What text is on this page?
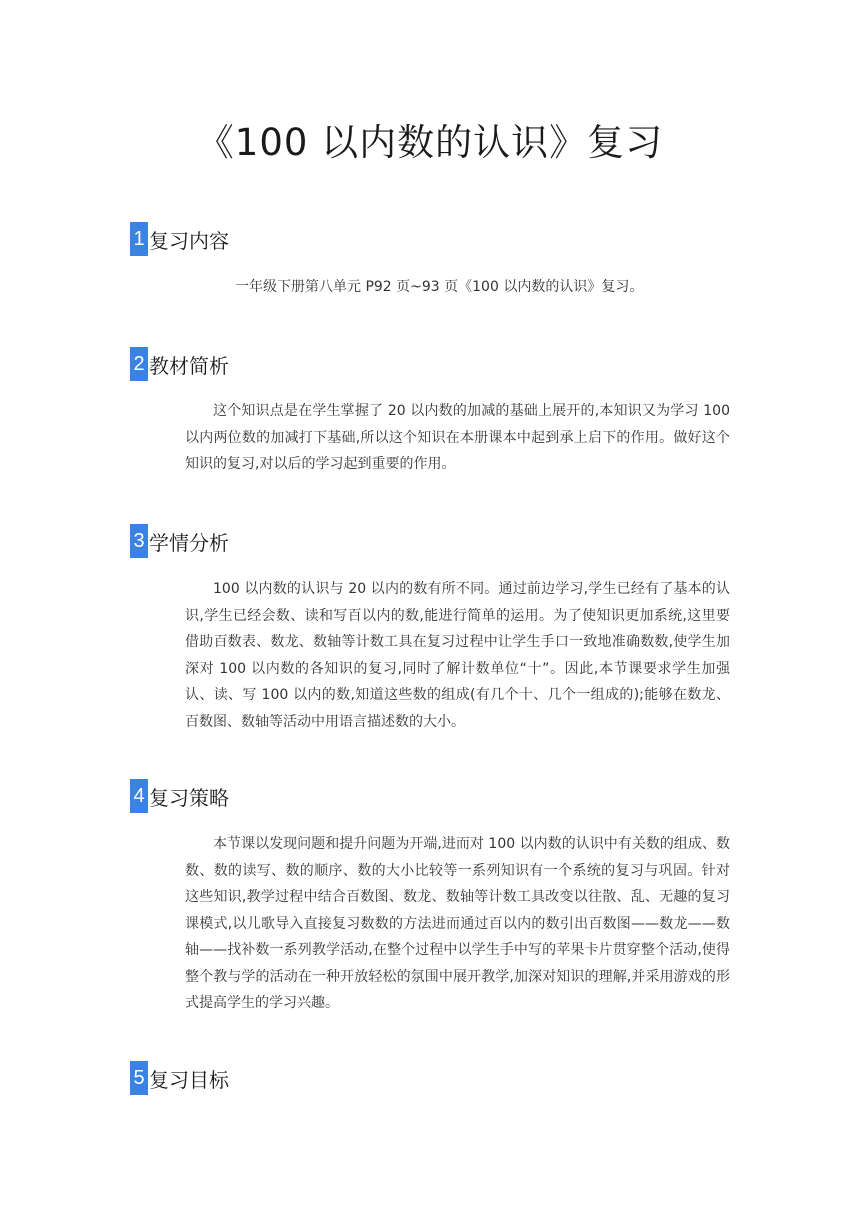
《100 以内数的认识》复习
1 复习内容

一年级下册第八单元 P92 页~93 页《100 以内数的认识》复习。

2 教材简析

这个知识点是在学生掌握了 20 以内数的加减的基础上展开的,本知识又为学习 100 以内两位数的加减打下基础,所以这个知识在本册课本中起到承上启下的作用。做好这个知识的复习,对以后的学习起到重要的作用。

3 学情分析

100 以内数的认识与 20 以内的数有所不同。通过前边学习,学生已经有了基本的认识,学生已经会数、读和写百以内的数,能进行简单的运用。为了使知识更加系统,这里要借助百数表、数龙、数轴等计数工具在复习过程中让学生手口一致地准确数数,使学生加深对 100 以内数的各知识的复习,同时了解计数单位“十”。因此,本节课要求学生加强认、读、写 100 以内的数,知道这些数的组成(有几个十、几个一组成的);能够在数龙、百数图、数轴等活动中用语言描述数的大小。

4 复习策略

本节课以发现问题和提升问题为开端,进而对 100 以内数的认识中有关数的组成、数数、数的读写、数的顺序、数的大小比较等一系列知识有一个系统的复习与巩固。针对这些知识,教学过程中结合百数图、数龙、数轴等计数工具改变以往散、乱、无趣的复习课模式,以儿歌导入直接复习数数的方法进而通过百以内的数引出百数图——数龙——数轴——找补数一系列教学活动,在整个过程中以学生手中写的苹果卡片贯穿整个活动,使得整个教与学的活动在一种开放轻松的氛围中展开教学,加深对知识的理解,并采用游戏的形式提高学生的学习兴趣。

5 复习目标
